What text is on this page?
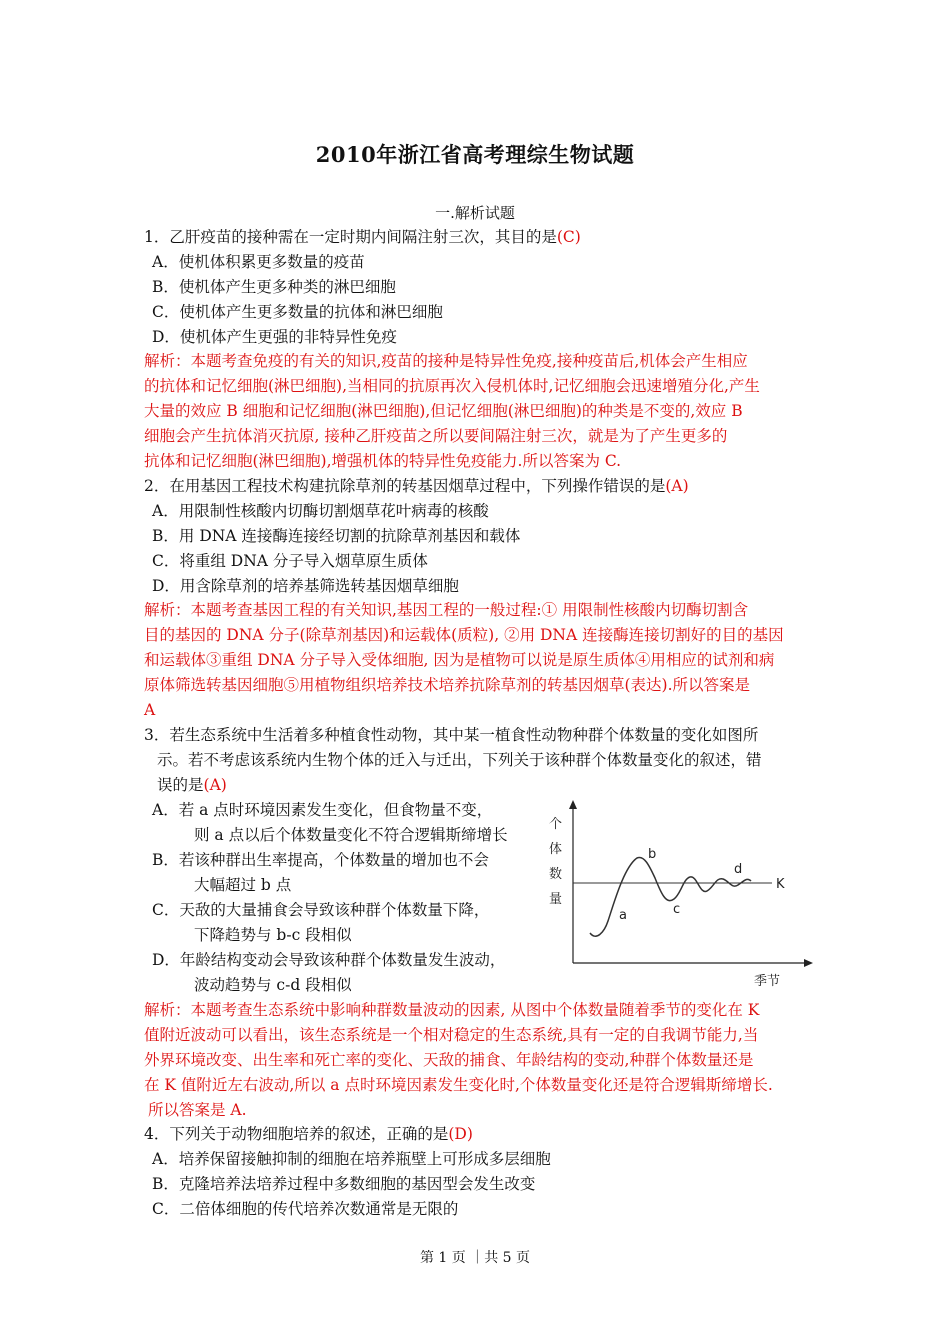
2010年浙江省高考理综生物试题
一.解析试题
1．乙肝疫苗的接种需在一定时期内间隔注射三次，其目的是(C)
A．使机体积累更多数量的疫苗
B．使机体产生更多种类的淋巴细胞
C．使机体产生更多数量的抗体和淋巴细胞
D．使机体产生更强的非特异性免疫

解析：本题考查免疫的有关的知识,疫苗的接种是特异性免疫,接种疫苗后,机体会产生相应

的抗体和记忆细胞(淋巴细胞),当相同的抗原再次入侵机体时,记忆细胞会迅速增殖分化,产生

大量的效应 B 细胞和记忆细胞(淋巴细胞),但记忆细胞(淋巴细胞)的种类是不变的,效应 B

细胞会产生抗体消灭抗原, 接种乙肝疫苗之所以要间隔注射三次，就是为了产生更多的

抗体和记忆细胞(淋巴细胞),增强机体的特异性免疫能力.所以答案为 C.

2．在用基因工程技术构建抗除草剂的转基因烟草过程中，下列操作错误的是(A)
A．用限制性核酸内切酶切割烟草花叶病毒的核酸
B．用 DNA 连接酶连接经切割的抗除草剂基因和载体
C．将重组 DNA 分子导入烟草原生质体
D．用含除草剂的培养基筛选转基因烟草细胞

解析：本题考查基因工程的有关知识,基因工程的一般过程:① 用限制性核酸内切酶切割含

目的基因的 DNA 分子(除草剂基因)和运载体(质粒), ②用 DNA 连接酶连接切割好的目的基因

和运载体③重组 DNA 分子导入受体细胞, 因为是植物可以说是原生质体④用相应的试剂和病

原体筛选转基因细胞⑤用植物组织培养技术培养抗除草剂的转基因烟草(表达).所以答案是

A

3．若生态系统中生活着多种植食性动物，其中某一植食性动物种群个体数量的变化如图所
示。若不考虑该系统内生物个体的迁入与迁出，下列关于该种群个体数量变化的叙述，错
误的是(A)
A．若 a 点时环境因素发生变化，但食物量不变，
则 a 点以后个体数量变化不符合逻辑斯缔增长
B．若该种群出生率提高，个体数量的增加也不会
大幅超过 b 点
C．天敌的大量捕食会导致该种群个体数量下降，
下降趋势与 b-c 段相似
D．年龄结构变动会导致该种群个体数量发生波动，
波动趋势与 c-d 段相似
个
体
数
量
季节
K
a
b
c
d

解析：本题考查生态系统中影响种群数量波动的因素, 从图中个体数量随着季节的变化在 K

值附近波动可以看出，该生态系统是一个相对稳定的生态系统,具有一定的自我调节能力,当

外界环境改变、出生率和死亡率的变化、天敌的捕食、年龄结构的变动,种群个体数量还是

在 K 值附近左右波动,所以 a 点时环境因素发生变化时,个体数量变化还是符合逻辑斯缔增长.

所以答案是 A.

4．下列关于动物细胞培养的叙述，正确的是(D)
A．培养保留接触抑制的细胞在培养瓶壁上可形成多层细胞
B．克隆培养法培养过程中多数细胞的基因型会发生改变
C．二倍体细胞的传代培养次数通常是无限的
第 1 页 ｜共 5 页
